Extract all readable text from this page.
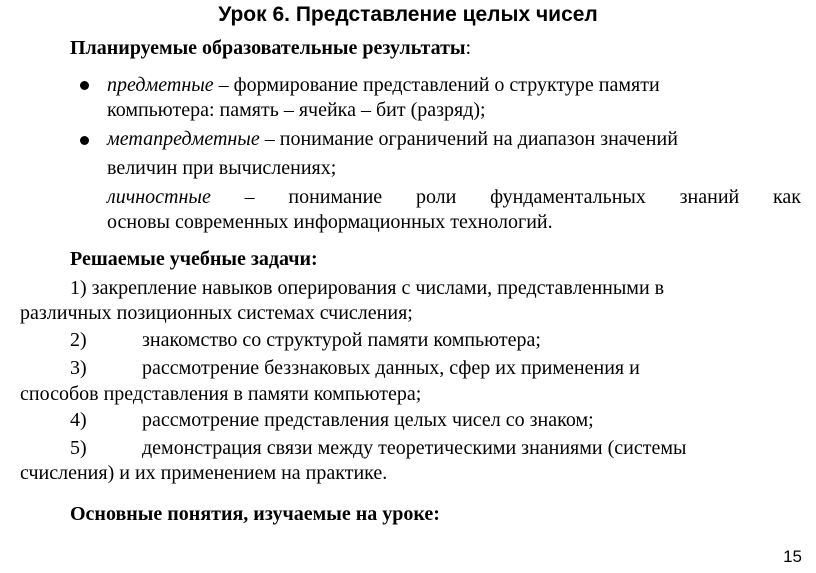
Урок 6. Представление целых чисел
Планируемые образовательные результаты:
предметные – формирование представлений о структуре памяти
компьютера: память – ячейка – бит (разряд);
метапредметные – понимание ограничений на диапазон значений
величин при вычислениях;
личностные – понимание роли фундаментальных знаний как
основы современных информационных технологий.
Решаемые учебные задачи:
1) закрепление навыков оперирования с числами, представленными в
различных позиционных системах счисления;
2)	знакомство со структурой памяти компьютера;
3)	рассмотрение беззнаковых данных, сфер их применения и
способов представления в памяти компьютера;
4)	рассмотрение представления целых чисел со знаком;
5)	демонстрация связи между теоретическими знаниями (системы
счисления) и их применением на практике.
Основные понятия, изучаемые на уроке:
15
